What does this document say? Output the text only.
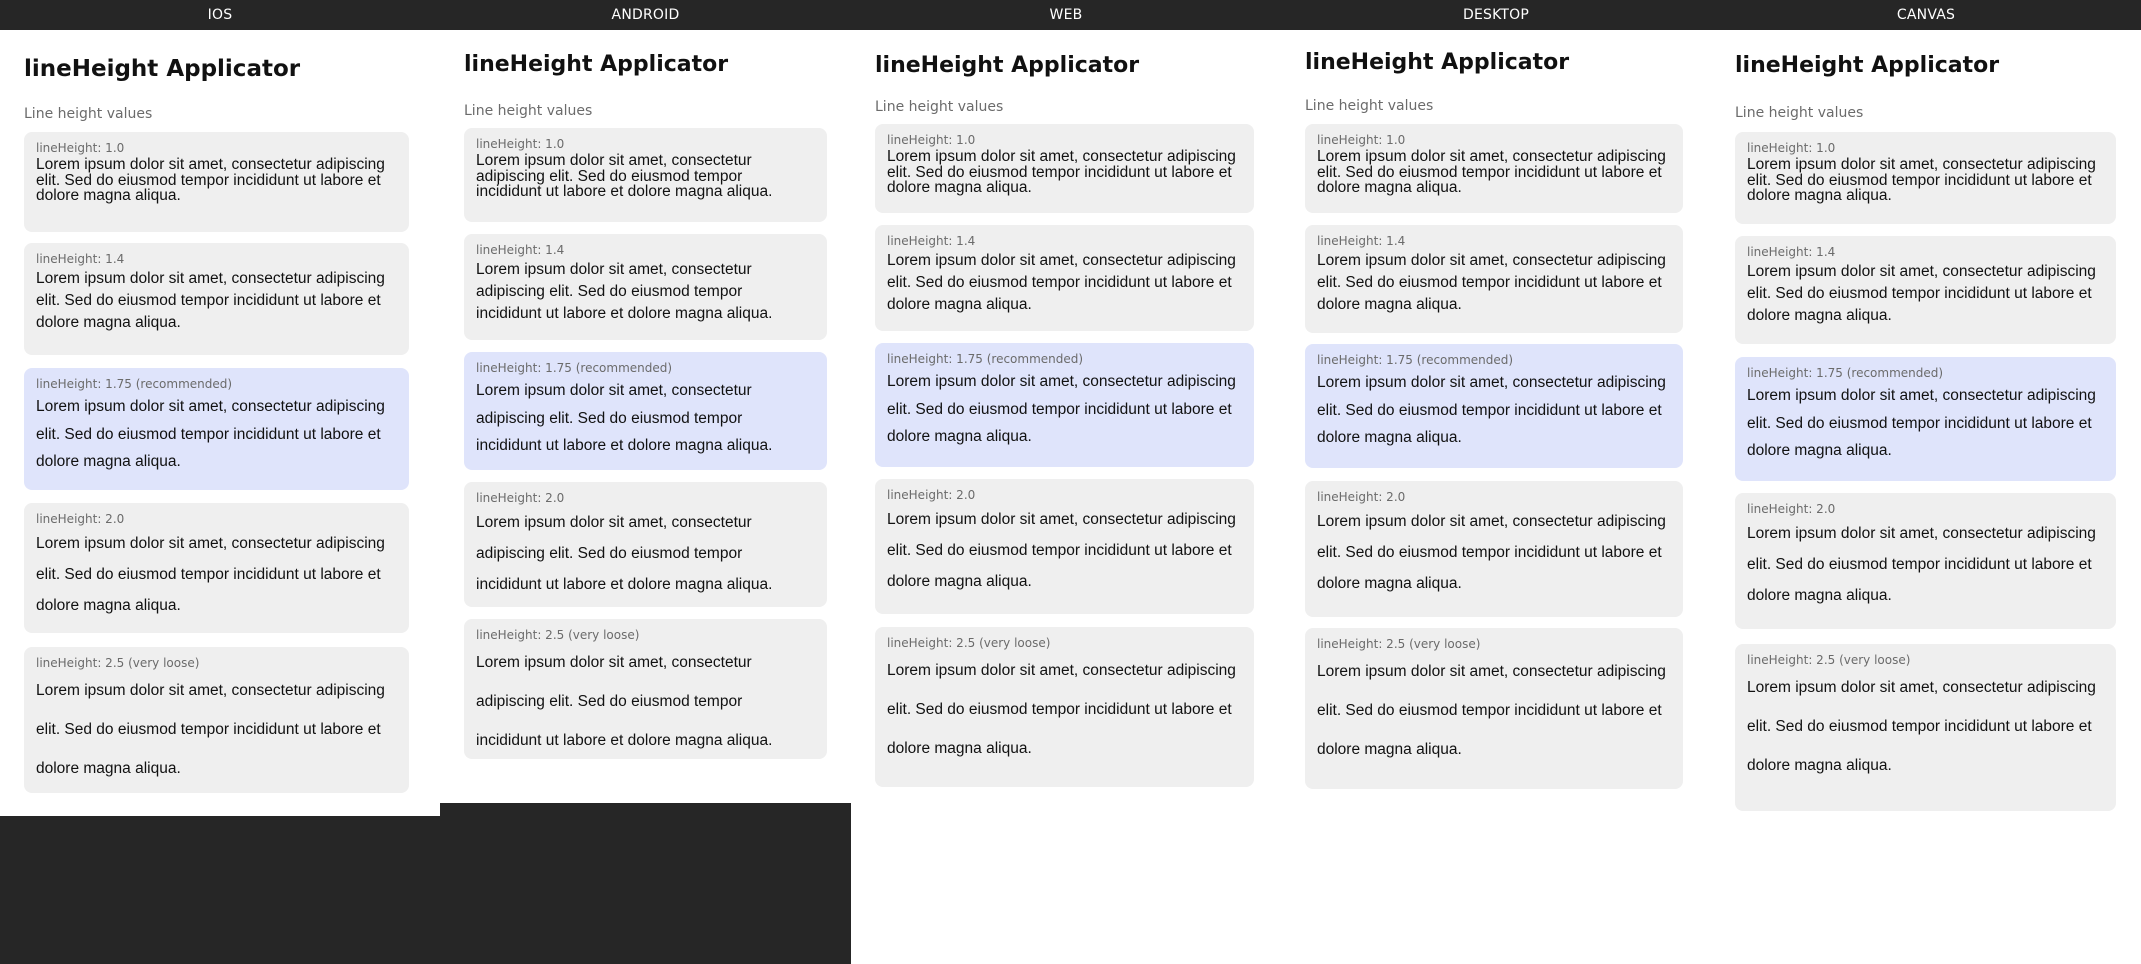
IOS
lineHeight Applicator
Line height values
lineHeight: 1.0
Lorem ipsum dolor sit amet, consectetur adipiscing elit. Sed do eiusmod tempor incididunt ut labore et dolore magna aliqua.
lineHeight: 1.4
Lorem ipsum dolor sit amet, consectetur adipiscing elit. Sed do eiusmod tempor incididunt ut labore et dolore magna aliqua.
lineHeight: 1.75 (recommended)
Lorem ipsum dolor sit amet, consectetur adipiscing elit. Sed do eiusmod tempor incididunt ut labore et dolore magna aliqua.
lineHeight: 2.0
Lorem ipsum dolor sit amet, consectetur adipiscing elit. Sed do eiusmod tempor incididunt ut labore et dolore magna aliqua.
lineHeight: 2.5 (very loose)
Lorem ipsum dolor sit amet, consectetur adipiscing elit. Sed do eiusmod tempor incididunt ut labore et dolore magna aliqua.
ANDROID
lineHeight Applicator
Line height values
lineHeight: 1.0
Lorem ipsum dolor sit amet, consectetur adipiscing elit. Sed do eiusmod tempor incididunt ut labore et dolore magna aliqua.
lineHeight: 1.4
Lorem ipsum dolor sit amet, consectetur adipiscing elit. Sed do eiusmod tempor incididunt ut labore et dolore magna aliqua.
lineHeight: 1.75 (recommended)
Lorem ipsum dolor sit amet, consectetur adipiscing elit. Sed do eiusmod tempor incididunt ut labore et dolore magna aliqua.
lineHeight: 2.0
Lorem ipsum dolor sit amet, consectetur adipiscing elit. Sed do eiusmod tempor incididunt ut labore et dolore magna aliqua.
lineHeight: 2.5 (very loose)
Lorem ipsum dolor sit amet, consectetur adipiscing elit. Sed do eiusmod tempor incididunt ut labore et dolore magna aliqua.
WEB
lineHeight Applicator
Line height values
lineHeight: 1.0
Lorem ipsum dolor sit amet, consectetur adipiscing elit. Sed do eiusmod tempor incididunt ut labore et dolore magna aliqua.
lineHeight: 1.4
Lorem ipsum dolor sit amet, consectetur adipiscing elit. Sed do eiusmod tempor incididunt ut labore et dolore magna aliqua.
lineHeight: 1.75 (recommended)
Lorem ipsum dolor sit amet, consectetur adipiscing elit. Sed do eiusmod tempor incididunt ut labore et dolore magna aliqua.
lineHeight: 2.0
Lorem ipsum dolor sit amet, consectetur adipiscing elit. Sed do eiusmod tempor incididunt ut labore et dolore magna aliqua.
lineHeight: 2.5 (very loose)
Lorem ipsum dolor sit amet, consectetur adipiscing elit. Sed do eiusmod tempor incididunt ut labore et dolore magna aliqua.
DESKTOP
lineHeight Applicator
Line height values
lineHeight: 1.0
Lorem ipsum dolor sit amet, consectetur adipiscing elit. Sed do eiusmod tempor incididunt ut labore et dolore magna aliqua.
lineHeight: 1.4
Lorem ipsum dolor sit amet, consectetur adipiscing elit. Sed do eiusmod tempor incididunt ut labore et dolore magna aliqua.
lineHeight: 1.75 (recommended)
Lorem ipsum dolor sit amet, consectetur adipiscing elit. Sed do eiusmod tempor incididunt ut labore et dolore magna aliqua.
lineHeight: 2.0
Lorem ipsum dolor sit amet, consectetur adipiscing elit. Sed do eiusmod tempor incididunt ut labore et dolore magna aliqua.
lineHeight: 2.5 (very loose)
Lorem ipsum dolor sit amet, consectetur adipiscing elit. Sed do eiusmod tempor incididunt ut labore et dolore magna aliqua.
CANVAS
lineHeight Applicator
Line height values
lineHeight: 1.0
Lorem ipsum dolor sit amet, consectetur adipiscing elit. Sed do eiusmod tempor incididunt ut labore et dolore magna aliqua.
lineHeight: 1.4
Lorem ipsum dolor sit amet, consectetur adipiscing elit. Sed do eiusmod tempor incididunt ut labore et dolore magna aliqua.
lineHeight: 1.75 (recommended)
Lorem ipsum dolor sit amet, consectetur adipiscing elit. Sed do eiusmod tempor incididunt ut labore et dolore magna aliqua.
lineHeight: 2.0
Lorem ipsum dolor sit amet, consectetur adipiscing elit. Sed do eiusmod tempor incididunt ut labore et dolore magna aliqua.
lineHeight: 2.5 (very loose)
Lorem ipsum dolor sit amet, consectetur adipiscing elit. Sed do eiusmod tempor incididunt ut labore et dolore magna aliqua.
